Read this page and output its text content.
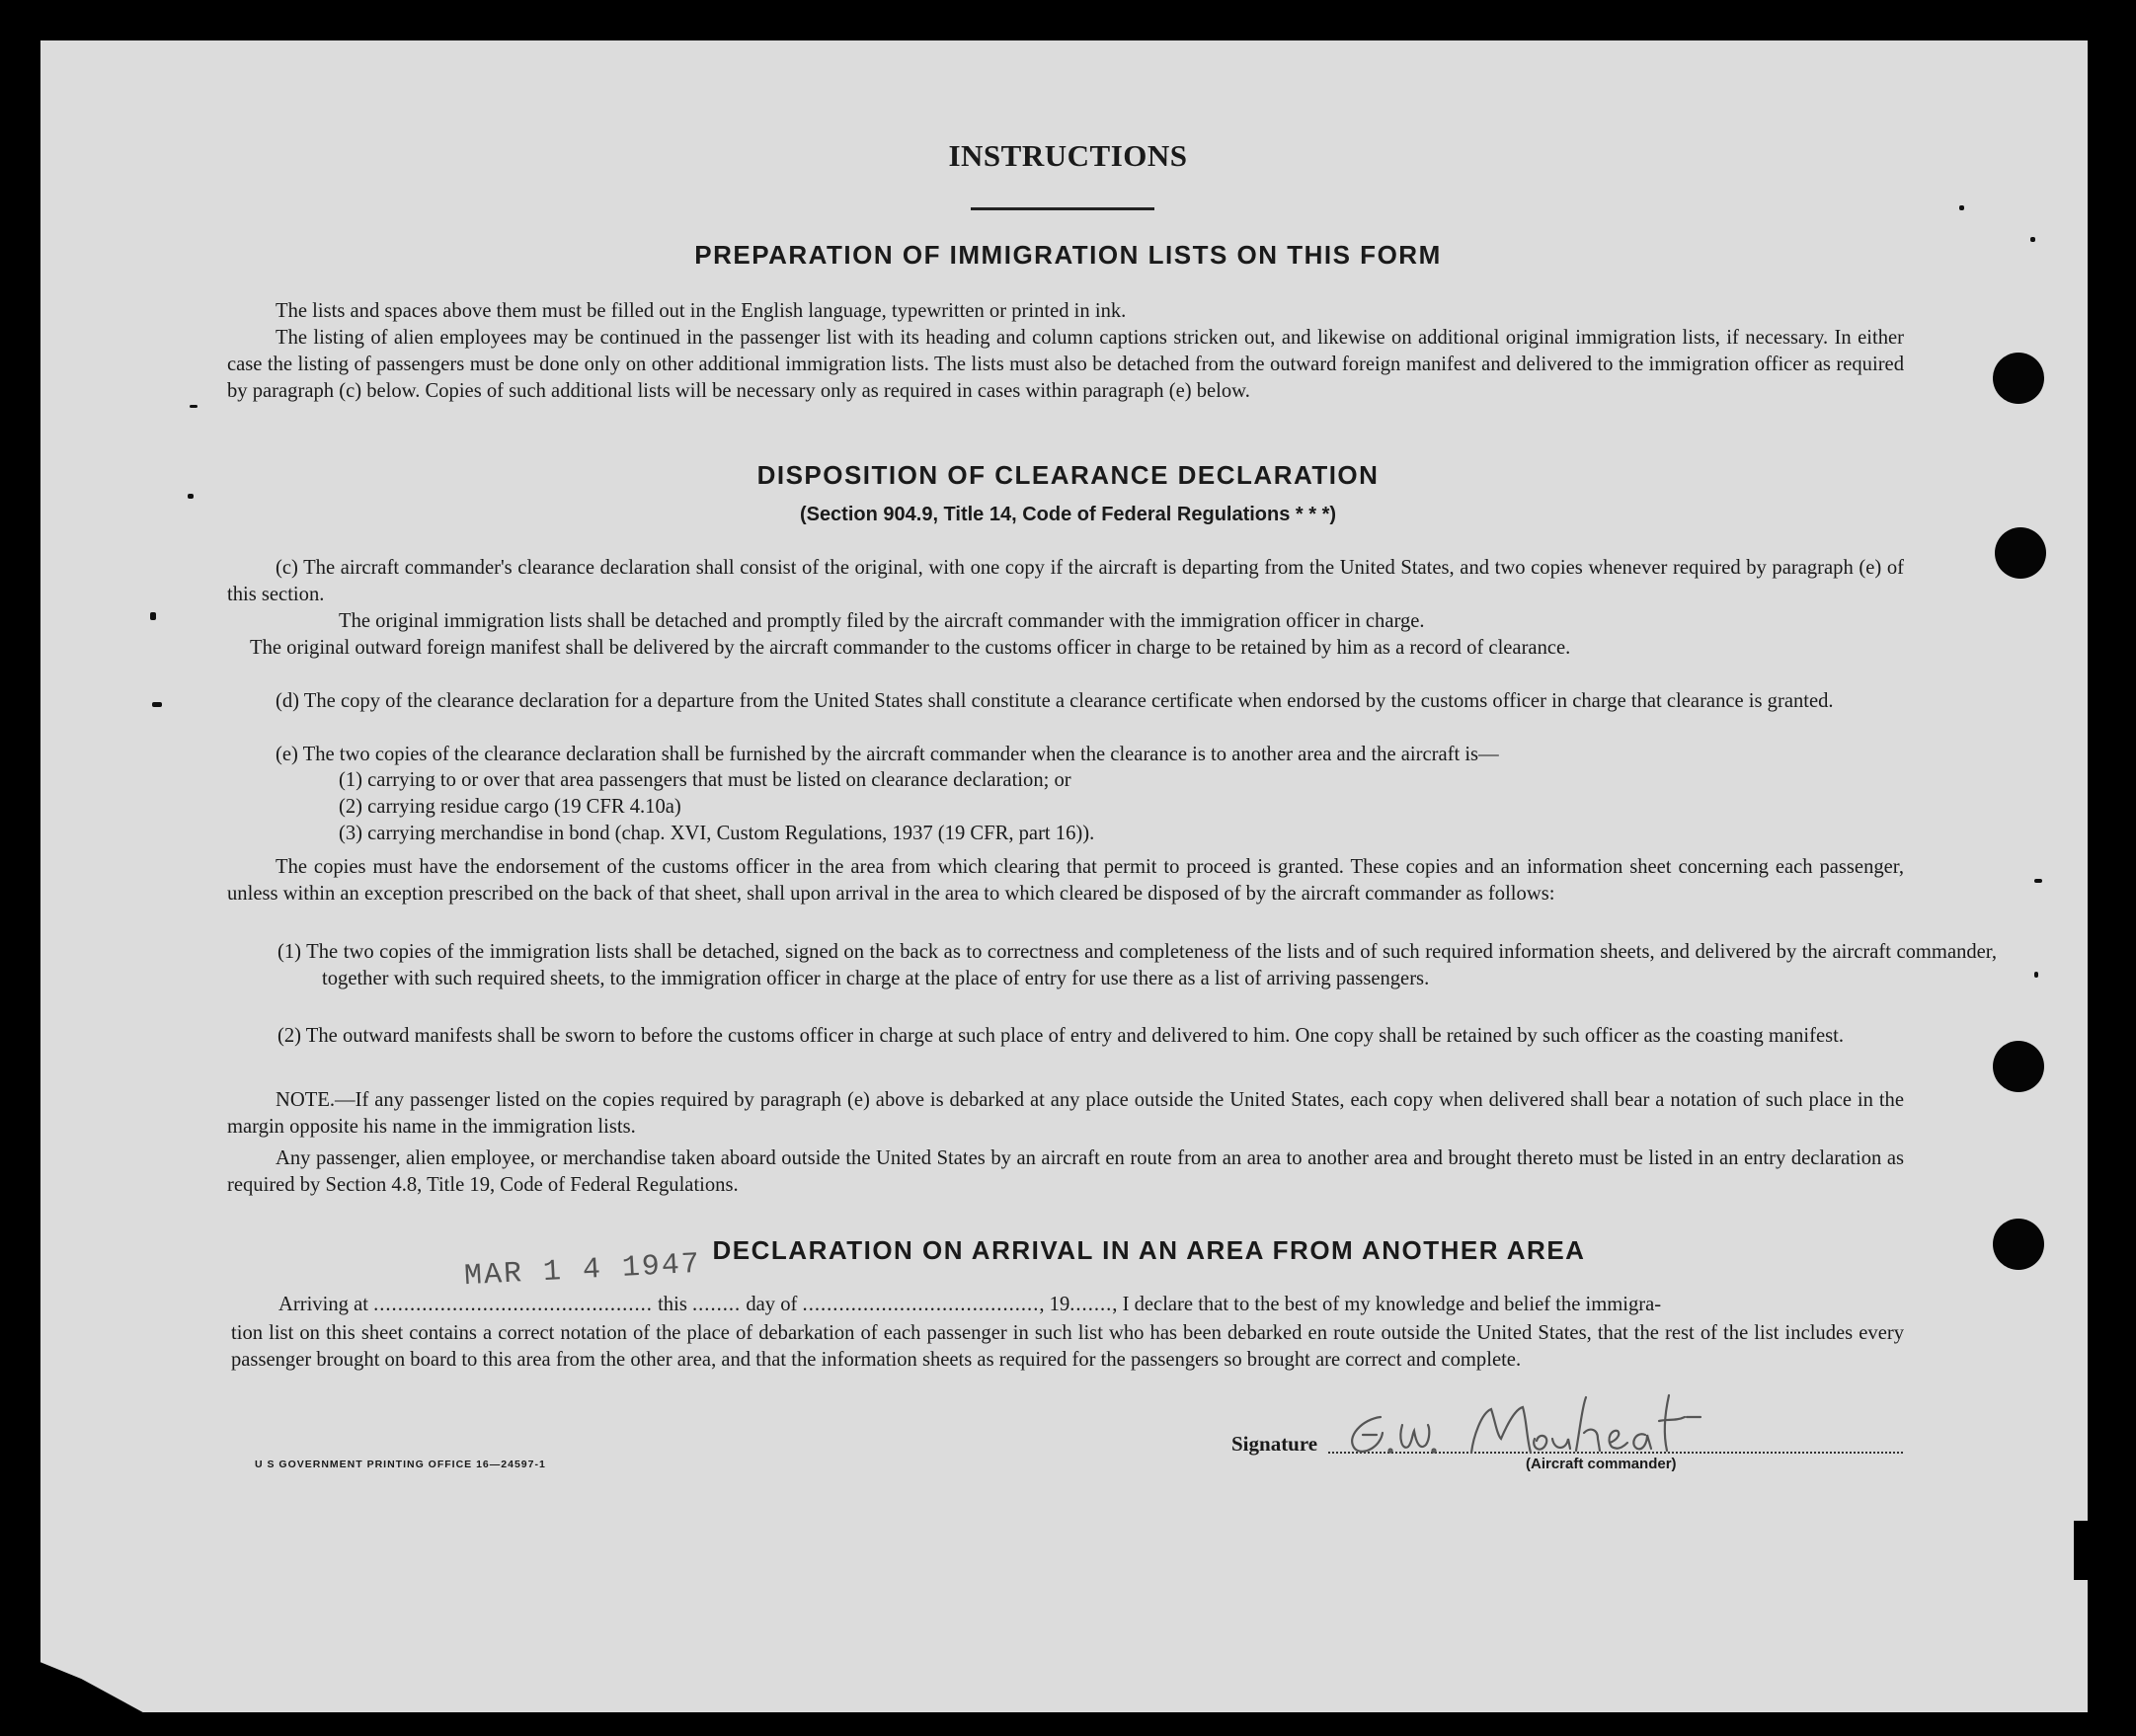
INSTRUCTIONS
PREPARATION OF IMMIGRATION LISTS ON THIS FORM
The lists and spaces above them must be filled out in the English language, typewritten or printed in ink.
The listing of alien employees may be continued in the passenger list with its heading and column captions stricken out, and likewise on additional original immigration lists, if necessary. In either case the listing of passengers must be done only on other additional immigration lists. The lists must also be detached from the outward foreign manifest and delivered to the immigration officer as required by paragraph (c) below. Copies of such additional lists will be necessary only as required in cases within paragraph (e) below.
DISPOSITION OF CLEARANCE DECLARATION
(Section 904.9, Title 14, Code of Federal Regulations * * *)
(c) The aircraft commander's clearance declaration shall consist of the original, with one copy if the aircraft is departing from the United States, and two copies whenever required by paragraph (e) of this section.
The original immigration lists shall be detached and promptly filed by the aircraft commander with the immigration officer in charge.
The original outward foreign manifest shall be delivered by the aircraft commander to the customs officer in charge to be retained by him as a record of clearance.
(d) The copy of the clearance declaration for a departure from the United States shall constitute a clearance certificate when endorsed by the customs officer in charge that clearance is granted.
(e) The two copies of the clearance declaration shall be furnished by the aircraft commander when the clearance is to another area and the aircraft is—
(1) carrying to or over that area passengers that must be listed on clearance declaration; or
(2) carrying residue cargo (19 CFR 4.10a)
(3) carrying merchandise in bond (chap. XVI, Custom Regulations, 1937 (19 CFR, part 16)).
The copies must have the endorsement of the customs officer in the area from which clearing that permit to proceed is granted. These copies and an information sheet concerning each passenger, unless within an exception prescribed on the back of that sheet, shall upon arrival in the area to which cleared be disposed of by the aircraft commander as follows:
(1) The two copies of the immigration lists shall be detached, signed on the back as to correctness and completeness of the lists and of such required information sheets, and delivered by the aircraft commander, together with such required sheets, to the immigration officer in charge at the place of entry for use there as a list of arriving passengers.
(2) The outward manifests shall be sworn to before the customs officer in charge at such place of entry and delivered to him. One copy shall be retained by such officer as the coasting manifest.
NOTE.—If any passenger listed on the copies required by paragraph (e) above is debarked at any place outside the United States, each copy when delivered shall bear a notation of such place in the margin opposite his name in the immigration lists.
Any passenger, alien employee, or merchandise taken aboard outside the United States by an aircraft en route from an area to another area and brought thereto must be listed in an entry declaration as required by Section 4.8, Title 19, Code of Federal Regulations.
DECLARATION ON ARRIVAL IN AN AREA FROM ANOTHER AREA
MAR 1 4 1947
Arriving at .............................................. this ........ day of ......................................., 19......., I declare that to the best of my knowledge and belief the immigra-
tion list on this sheet contains a correct notation of the place of debarkation of each passenger in such list who has been debarked en route outside the United States, that the rest of the list includes every passenger brought on board to this area from the other area, and that the information sheets as required for the passengers so brought are correct and complete.
Signature
(Aircraft commander)
U S GOVERNMENT PRINTING OFFICE 16—24597-1
